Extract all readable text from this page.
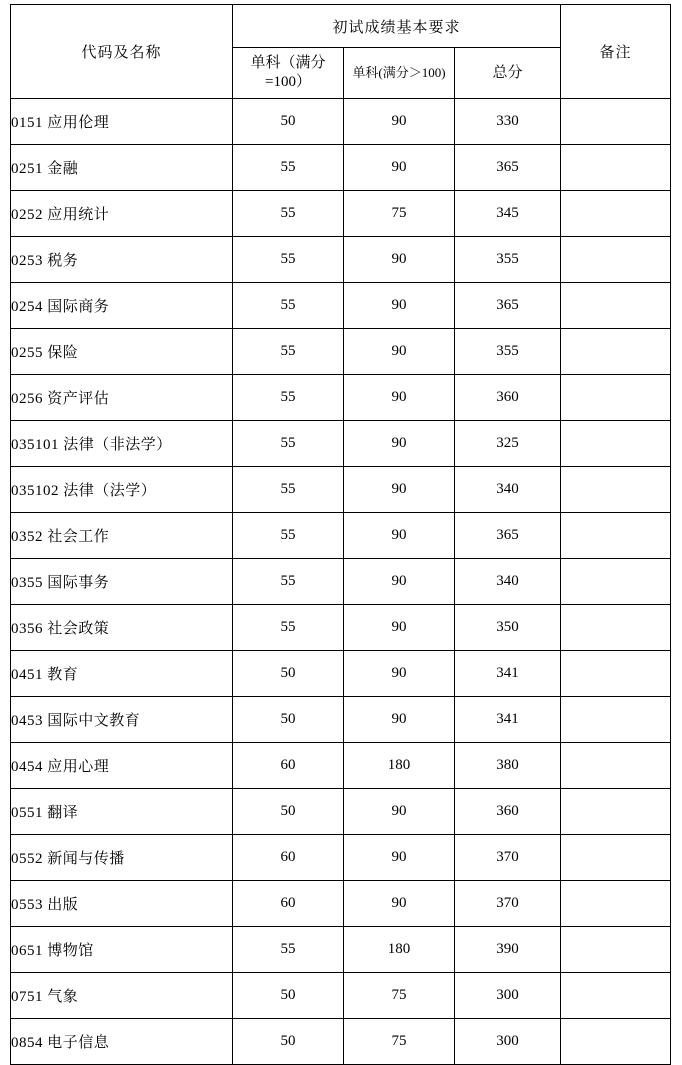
代码及名称	初试成绩基本要求			备注
	单科（满分=100）	单科(满分＞100)	总分	
0151 应用伦理	50	90	330	
0251 金融	55	90	365	
0252 应用统计	55	75	345	
0253 税务	55	90	355	
0254 国际商务	55	90	365	
0255 保险	55	90	355	
0256 资产评估	55	90	360	
035101 法律（非法学）	55	90	325	
035102 法律（法学）	55	90	340	
0352 社会工作	55	90	365	
0355 国际事务	55	90	340	
0356 社会政策	55	90	350	
0451 教育	50	90	341	
0453 国际中文教育	50	90	341	
0454 应用心理	60	180	380	
0551 翻译	50	90	360	
0552 新闻与传播	60	90	370	
0553 出版	60	90	370	
0651 博物馆	55	180	390	
0751 气象	50	75	300	
0854 电子信息	50	75	300	
